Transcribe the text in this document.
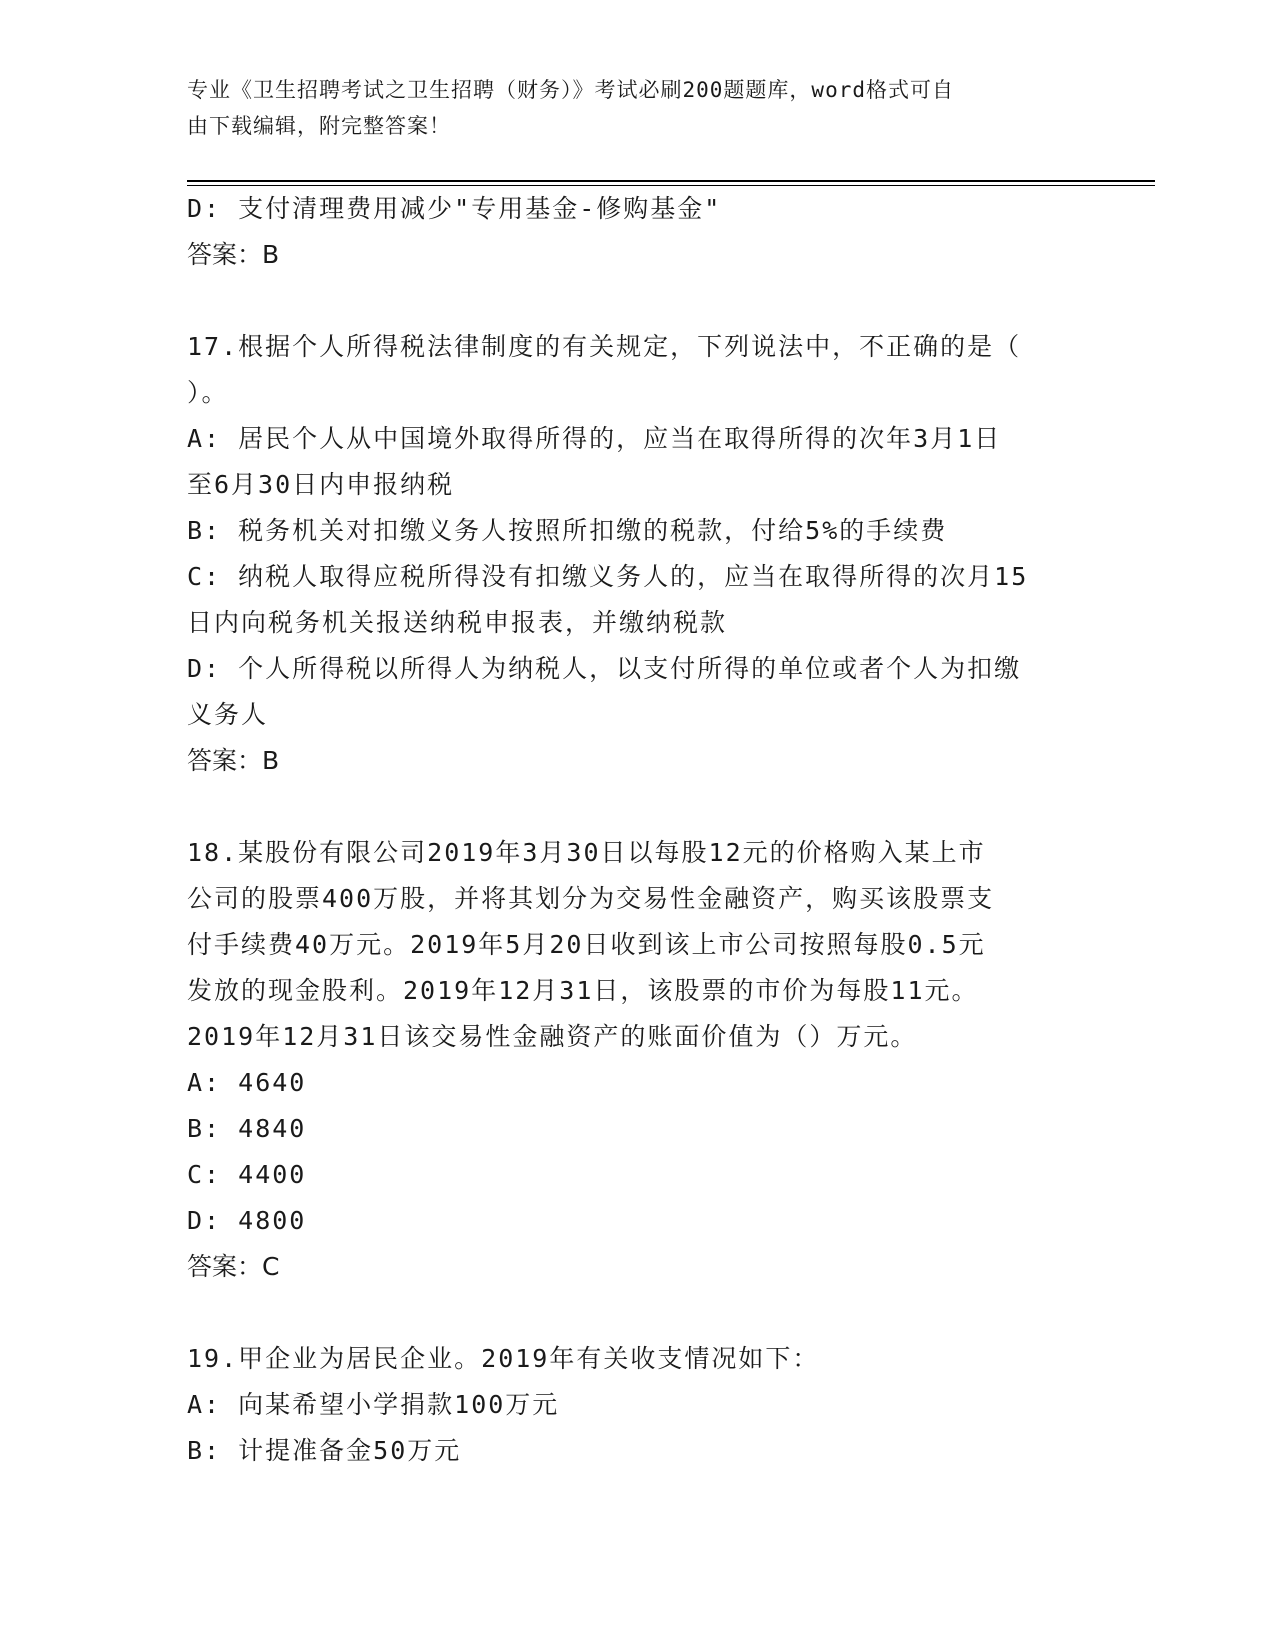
专业《卫生招聘考试之卫生招聘（财务）》考试必刷200题题库，word格式可自
由下载编辑，附完整答案！
D: 支付清理费用减少"专用基金-修购基金"
答案：B
17.根据个人所得税法律制度的有关规定，下列说法中，不正确的是（
）。
A: 居民个人从中国境外取得所得的，应当在取得所得的次年3月1日
至6月30日内申报纳税
B: 税务机关对扣缴义务人按照所扣缴的税款，付给5%的手续费
C: 纳税人取得应税所得没有扣缴义务人的，应当在取得所得的次月15
日内向税务机关报送纳税申报表，并缴纳税款
D: 个人所得税以所得人为纳税人，以支付所得的单位或者个人为扣缴
义务人
答案：B
18.某股份有限公司2019年3月30日以每股12元的价格购入某上市
公司的股票400万股，并将其划分为交易性金融资产，购买该股票支
付手续费40万元。2019年5月20日收到该上市公司按照每股0.5元
发放的现金股利。2019年12月31日，该股票的市价为每股11元。
2019年12月31日该交易性金融资产的账面价值为（）万元。
A: 4640
B: 4840
C: 4400
D: 4800
答案：C
19.甲企业为居民企业。2019年有关收支情况如下：
A: 向某希望小学捐款100万元
B: 计提准备金50万元
